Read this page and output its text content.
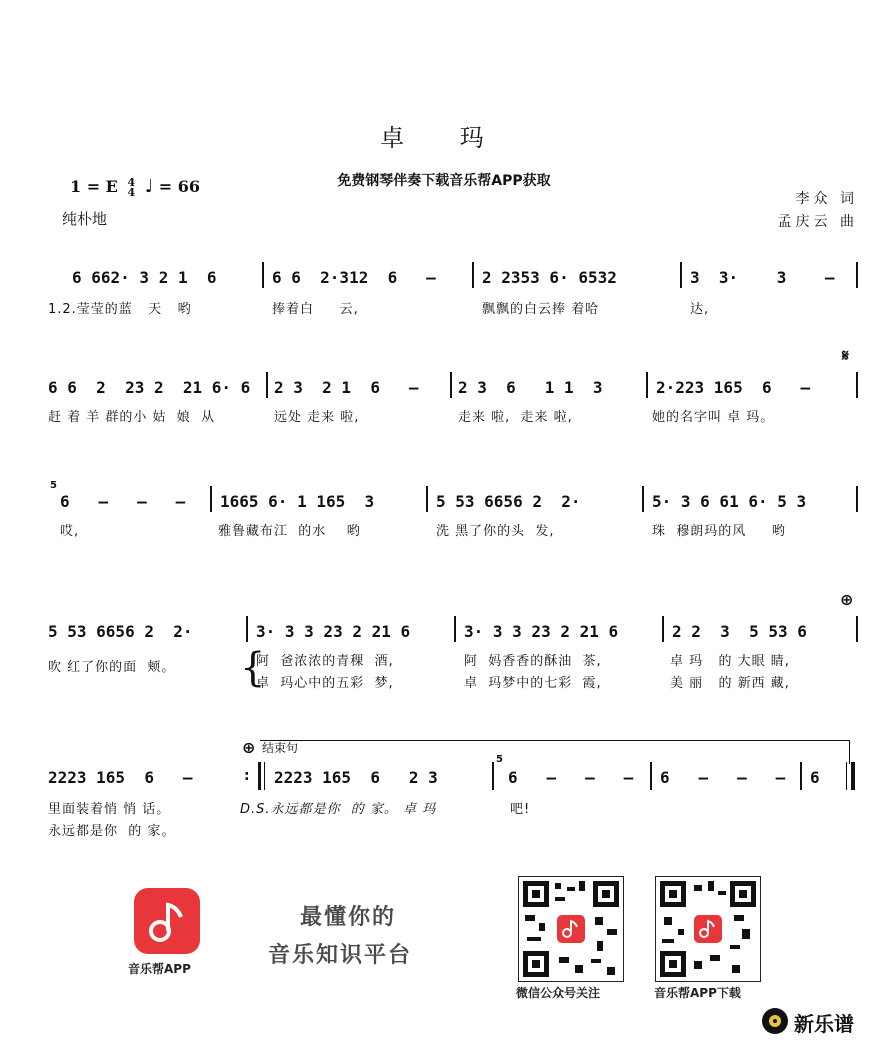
卓 玛
免费钢琴伴奏下载音乐帮APP获取
1 = E 4
4 ♩ = 66
纯朴地
李众 词
孟庆云 曲
6 662· 3 2 1  6	6 6  2·312  6   –	2 2353 6· 6532	3  3·    3    –
1.2.莹莹的蓝   天   哟	捧着白     云,	飘飘的白云捧 着哈	达,
𝄋
6 6  2  23 2  21 6· 6 2 3  2 1  6   – 2 3  6   1 1  3	2·223 165  6   –
赶 着 羊 群的小 姑  娘  从	远处 走来 啦,	走来 啦,  走来 啦,	她的名字叫 卓 玛。
5
6   –   –   – 1665 6· 1 165  3	5 53 6656 2  2·	5· 3 6 61 6· 5 3
哎,	雅鲁藏布江  的水    哟	洗 黑了你的头  发,	珠  穆朗玛的风     哟
⊕
5 53 6656 2  2·	3· 3 3 23 2 21 6	3· 3 3 23 2 21 6	2 2  3  5 53 6
吹 红了你的面  颊。	阿  爸浓浓的青稞  酒,	阿  妈香香的酥油  茶,	卓 玛   的 大眼 睛,
卓  玛心中的五彩  梦,	卓  玛梦中的七彩  霞,	美 丽   的 新西 藏,
{
⊕ 结束句
2223 165  6   –	: 2223 165  6   2 3
5
6   –   –   – 6   –   –   – 6
里面装着悄 悄 话。	D.S.永远都是你  的 家。 卓 玛	吧!
永远都是你  的 家。
音乐帮APP
最懂你的
音乐知识平台
微信公众号关注	音乐帮APP下载
新乐谱
